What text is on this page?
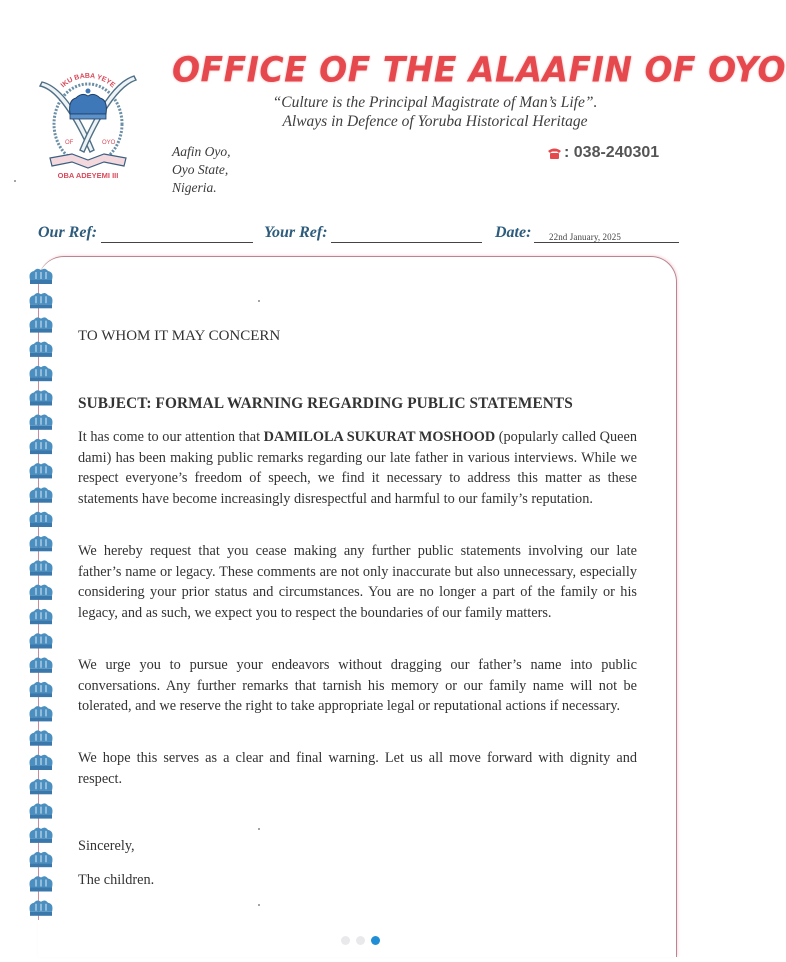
IKU BABA YEYE
OF	OYO
OBA ADEYEMI III
OFFICE OF THE ALAAFIN OF OYO
“Culture is the Principal Magistrate of Man’s Life”.
Always in Defence of Yoruba Historical Heritage
Aafin Oyo,
Oyo State,
Nigeria.
: 038-240301
Our Ref:	Your Ref:	Date: 22nd January, 2025
TO WHOM IT MAY CONCERN
SUBJECT: FORMAL WARNING REGARDING PUBLIC STATEMENTS
It has come to our attention that DAMILOLA SUKURAT MOSHOOD (popularly called Queen dami) has been making public remarks regarding our late father in various interviews. While we respect everyone’s freedom of speech, we find it necessary to address this matter as these statements have become increasingly disrespectful and harmful to our family’s reputation.
We hereby request that you cease making any further public statements involving our late father’s name or legacy. These comments are not only inaccurate but also unnecessary, especially considering your prior status and circumstances. You are no longer a part of the family or his legacy, and as such, we expect you to respect the boundaries of our family matters.
We urge you to pursue your endeavors without dragging our father’s name into public conversations. Any further remarks that tarnish his memory or our family name will not be tolerated, and we reserve the right to take appropriate legal or reputational actions if necessary.
We hope this serves as a clear and final warning. Let us all move forward with dignity and respect.
Sincerely,
The children.
